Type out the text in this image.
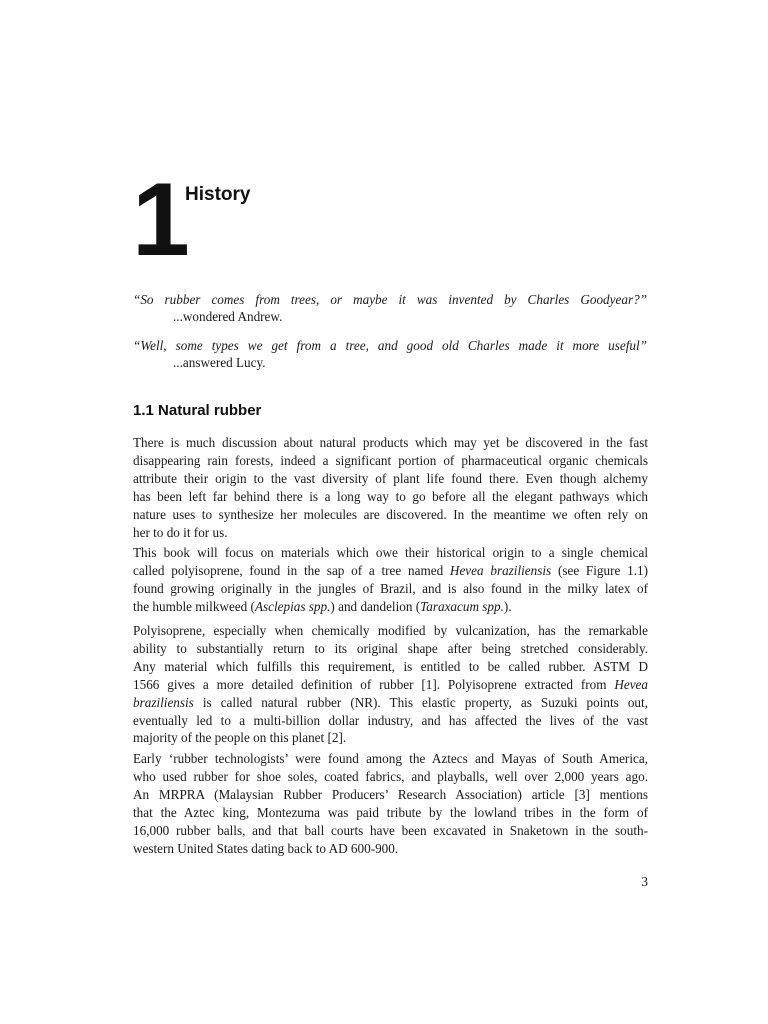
1 History
“So rubber comes from trees, or maybe it was invented by Charles Goodyear?”
...wondered Andrew.
“Well, some types we get from a tree, and good old Charles made it more useful”
...answered Lucy.
1.1 Natural rubber
There is much discussion about natural products which may yet be discovered in the fast
disappearing rain forests, indeed a significant portion of pharmaceutical organic chemicals
attribute their origin to the vast diversity of plant life found there. Even though alchemy
has been left far behind there is a long way to go before all the elegant pathways which
nature uses to synthesize her molecules are discovered. In the meantime we often rely on
her to do it for us.
This book will focus on materials which owe their historical origin to a single chemical
called polyisoprene, found in the sap of a tree named Hevea braziliensis (see Figure 1.1)
found growing originally in the jungles of Brazil, and is also found in the milky latex of
the humble milkweed (Asclepias spp.) and dandelion (Taraxacum spp.).
Polyisoprene, especially when chemically modified by vulcanization, has the remarkable
ability to substantially return to its original shape after being stretched considerably.
Any material which fulfills this requirement, is entitled to be called rubber. ASTM D
1566 gives a more detailed definition of rubber [1]. Polyisoprene extracted from Hevea
braziliensis is called natural rubber (NR). This elastic property, as Suzuki points out,
eventually led to a multi-billion dollar industry, and has affected the lives of the vast
majority of the people on this planet [2].
Early ‘rubber technologists’ were found among the Aztecs and Mayas of South America,
who used rubber for shoe soles, coated fabrics, and playballs, well over 2,000 years ago.
An MRPRA (Malaysian Rubber Producers’ Research Association) article [3] mentions
that the Aztec king, Montezuma was paid tribute by the lowland tribes in the form of
16,000 rubber balls, and that ball courts have been excavated in Snaketown in the south-
western United States dating back to AD 600-900.
3
